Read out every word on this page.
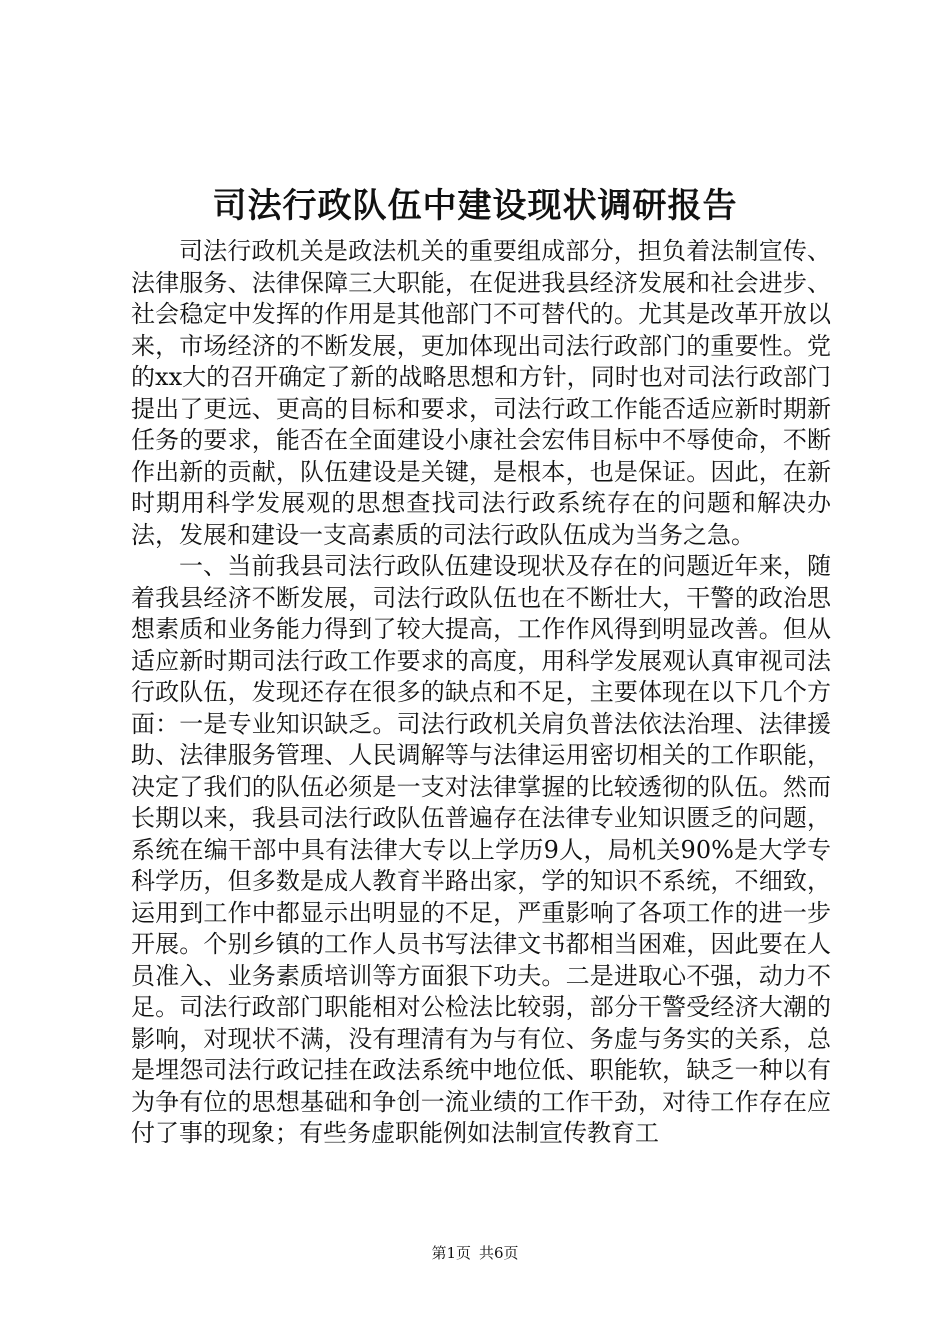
司法行政队伍中建设现状调研报告

司法行政机关是政法机关的重要组成部分，担负着法制宣传、法律服务、法律保障三大职能，在促进我县经济发展和社会进步、社会稳定中发挥的作用是其他部门不可替代的。尤其是改革开放以来，市场经济的不断发展，更加体现出司法行政部门的重要性。党的xx大的召开确定了新的战略思想和方针，同时也对司法行政部门提出了更远、更高的目标和要求，司法行政工作能否适应新时期新任务的要求，能否在全面建设小康社会宏伟目标中不辱使命，不断作出新的贡献，队伍建设是关键，是根本，也是保证。因此，在新时期用科学发展观的思想查找司法行政系统存在的问题和解决办法，发展和建设一支高素质的司法行政队伍成为当务之急。

一、当前我县司法行政队伍建设现状及存在的问题近年来，随着我县经济不断发展，司法行政队伍也在不断壮大，干警的政治思想素质和业务能力得到了较大提高，工作作风得到明显改善。但从适应新时期司法行政工作要求的高度，用科学发展观认真审视司法行政队伍，发现还存在很多的缺点和不足，主要体现在以下几个方面：一是专业知识缺乏。司法行政机关肩负普法依法治理、法律援助、法律服务管理、人民调解等与法律运用密切相关的工作职能，决定了我们的队伍必须是一支对法律掌握的比较透彻的队伍。然而长期以来，我县司法行政队伍普遍存在法律专业知识匮乏的问题，系统在编干部中具有法律大专以上学历9人，局机关90%是大学专科学历，但多数是成人教育半路出家，学的知识不系统，不细致，运用到工作中都显示出明显的不足，严重影响了各项工作的进一步开展。个别乡镇的工作人员书写法律文书都相当困难，因此要在人员准入、业务素质培训等方面狠下功夫。二是进取心不强，动力不足。司法行政部门职能相对公检法比较弱，部分干警受经济大潮的影响，对现状不满，没有理清有为与有位、务虚与务实的关系，总是埋怨司法行政记挂在政法系统中地位低、职能软，缺乏一种以有为争有位的思想基础和争创一流业绩的工作干劲，对待工作存在应付了事的现象；有些务虚职能例如法制宣传教育工

第1页 共6页
